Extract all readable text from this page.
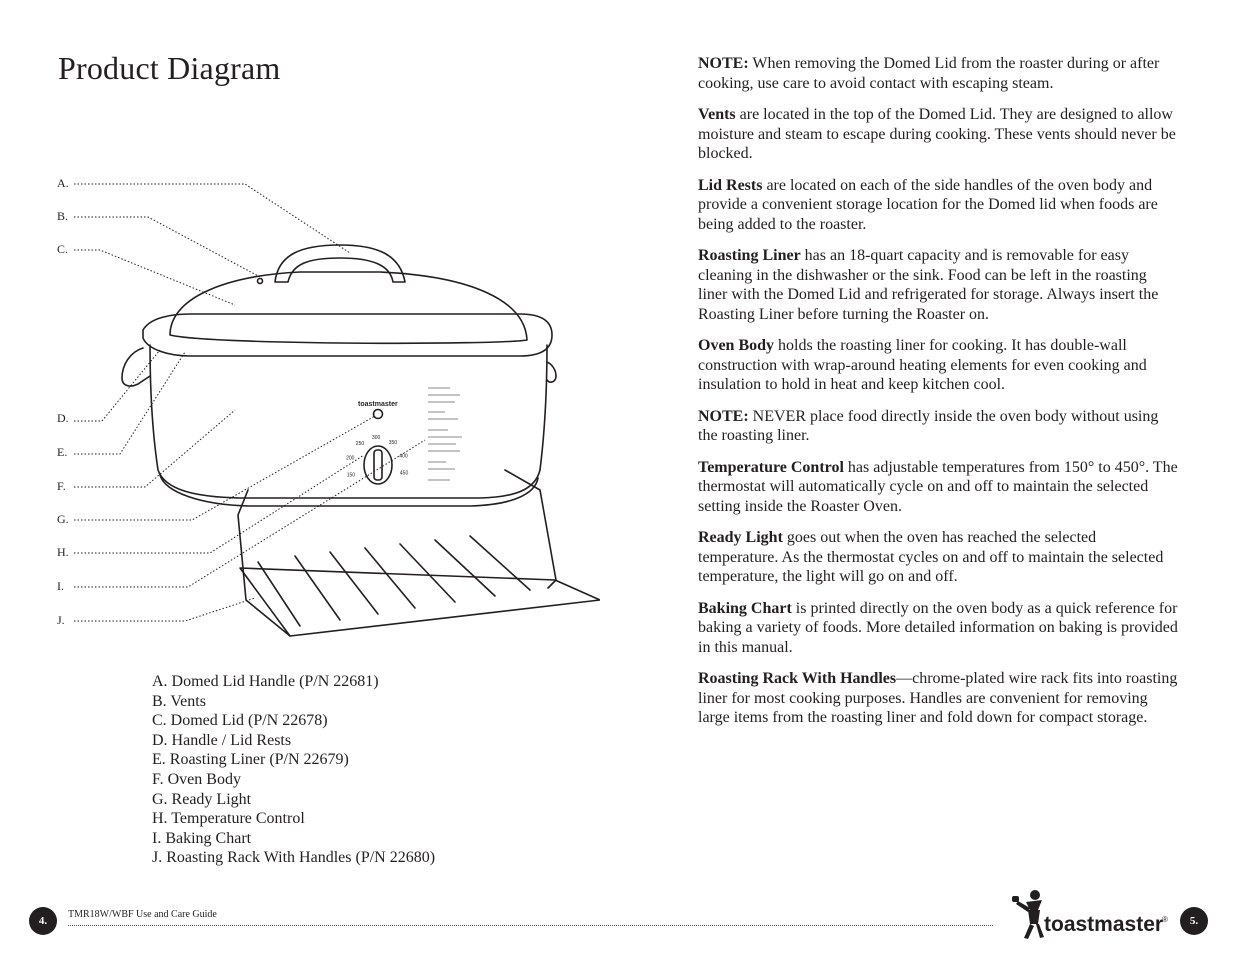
Product Diagram
A.
B.
C.
D.
E.
F.
G.
H.
I.
J.
150
200
250
300
350
400
450
toastmaster
A. Domed Lid Handle (P/N 22681)
B. Vents
C. Domed Lid (P/N 22678)
D. Handle / Lid Rests
E. Roasting Liner (P/N 22679)
F. Oven Body
G. Ready Light
H. Temperature Control
I. Baking Chart
J. Roasting Rack With Handles (P/N 22680)

NOTE: When removing the Domed Lid from the roaster during or after cooking, use care to avoid contact with escaping steam.

Vents are located in the top of the Domed Lid. They are designed to allow moisture and steam to escape during cooking. These vents should never be blocked.

Lid Rests are located on each of the side handles of the oven body and provide a convenient storage location for the Domed lid when foods are being added to the roaster.

Roasting Liner has an 18-quart capacity and is removable for easy cleaning in the dishwasher or the sink. Food can be left in the roasting liner with the Domed Lid and refrigerated for storage. Always insert the Roasting Liner before turning the Roaster on.

Oven Body holds the roasting liner for cooking. It has double-wall construction with wrap-around heating elements for even cooking and insulation to hold in heat and keep kitchen cool.

NOTE: NEVER place food directly inside the oven body without using the roasting liner.

Temperature Control has adjustable temperatures from 150° to 450°. The thermostat will automatically cycle on and off to maintain the selected setting inside the Roaster Oven.

Ready Light goes out when the oven has reached the selected temperature. As the thermostat cycles on and off to maintain the selected temperature, the light will go on and off.

Baking Chart is printed directly on the oven body as a quick reference for baking a variety of foods. More detailed information on baking is provided in this manual.

Roasting Rack With Handles—chrome-plated wire rack fits into roasting liner for most cooking purposes. Handles are convenient for removing large items from the roasting liner and fold down for compact storage.

4.
TMR18W/WBF Use and Care Guide	toastmaster
®	5.
